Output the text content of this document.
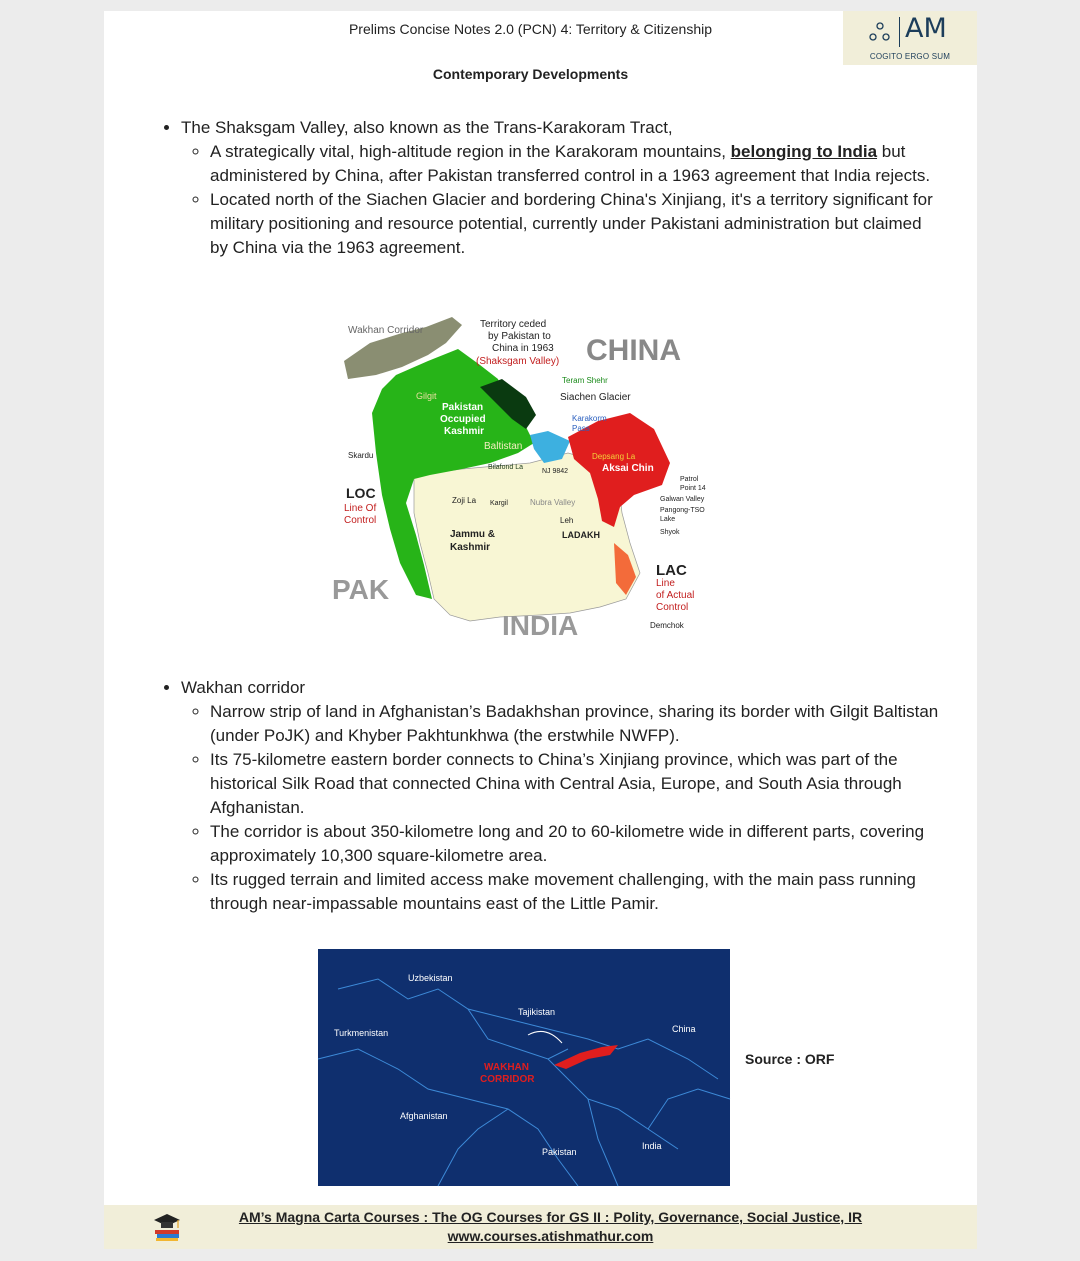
Prelims Concise Notes 2.0 (PCN) 4: Territory & Citizenship	AM
COGITO ERGO SUM
Contemporary Developments
• The Shaksgam Valley, also known as the Trans-Karakoram Tract,
◦ A strategically vital, high-altitude region in the Karakoram mountains, belonging to India but administered by China, after Pakistan transferred control in a 1963 agreement that India rejects.
◦ Located north of the Siachen Glacier and bordering China's Xinjiang, it's a territory significant for military positioning and resource potential, currently under Pakistani administration but claimed by China via the 1963 agreement.
Wakhan Corridor
Territory ceded
by Pakistan to
China in 1963
(Shaksgam Valley) CHINA
Teram Shehr
Siachen Glacier
Karakorm
Pass
Gilgit
Pakistan
Occupied
Kashmir
Baltistan
Skardu
Bilafond La
NJ 9842
Depsang La
Aksai Chin
LOC
Line Of
Control
Zoji La Kargil	Nubra Valley
Patrol
Point 14
Galwan Valley
Pangong-TSO
Lake
Shyok
Leh
LADAKH
Jammu &
Kashmir
LAC
Line
of Actual
Control
PAK
INDIA	Demchok
• Wakhan corridor
◦ Narrow strip of land in Afghanistan’s Badakhshan province, sharing its border with Gilgit Baltistan (under PoJK) and Khyber Pakhtunkhwa (the erstwhile NWFP).
◦ Its 75-kilometre eastern border connects to China’s Xinjiang province, which was part of the historical Silk Road that connected China with Central Asia, Europe, and South Asia through Afghanistan.
◦ The corridor is about 350-kilometre long and 20 to 60-kilometre wide in different parts, covering approximately 10,300 square-kilometre area.
◦ Its rugged terrain and limited access make movement challenging, with the main pass running through near-impassable mountains east of the Little Pamir.
Uzbekistan
Tajikistan
Turkmenistan	China
WAKHAN
CORRIDOR
Afghanistan
India
Pakistan
Source : ORF
AM’s Magna Carta Courses : The OG Courses for GS II : Polity, Governance, Social Justice, IR
www.courses.atishmathur.com
